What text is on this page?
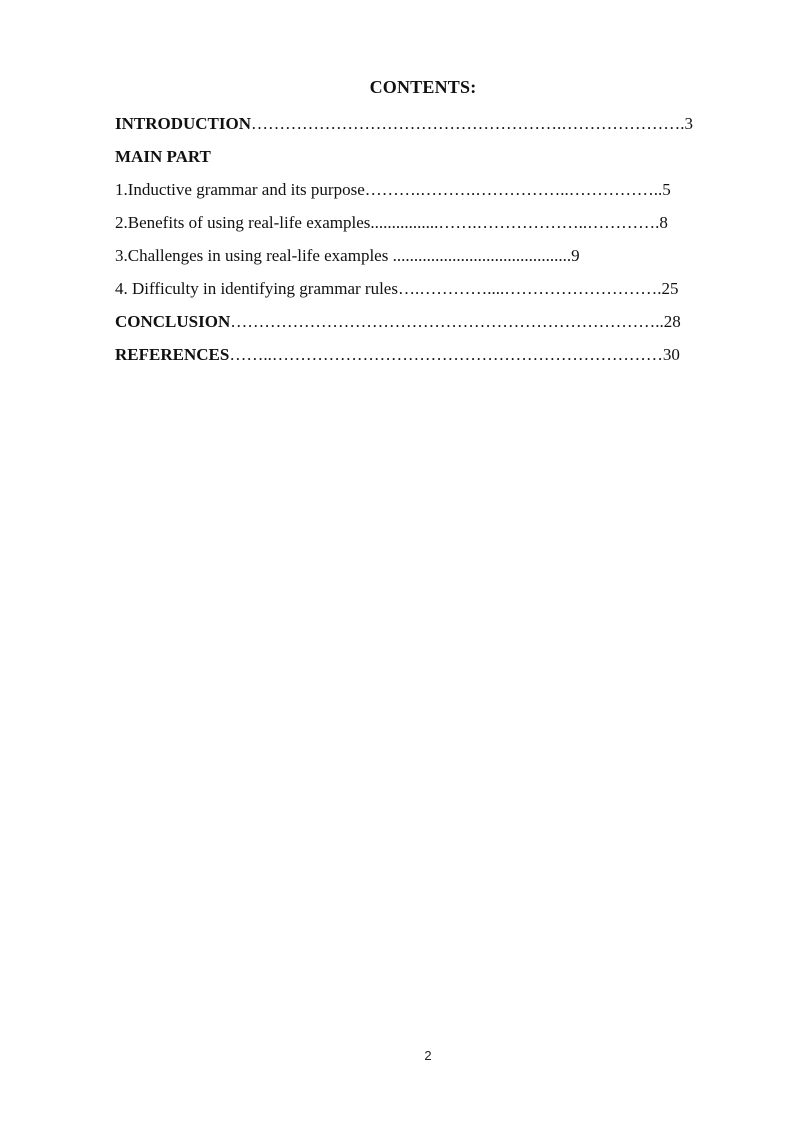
CONTENTS:
INTRODUCTION……………………………………………….………………….3
MAIN PART
1.Inductive grammar and its purpose……….……….……………..……………..5
2.Benefits of using real-life examples................…….………………..………….8
3.Challenges in using real-life examples ..........................................9
4. Difficulty in identifying grammar rules….…………....……………………….25
CONCLUSION…………………………………………………………………..28
REFERENCES……..……………………………………………………………30
2
